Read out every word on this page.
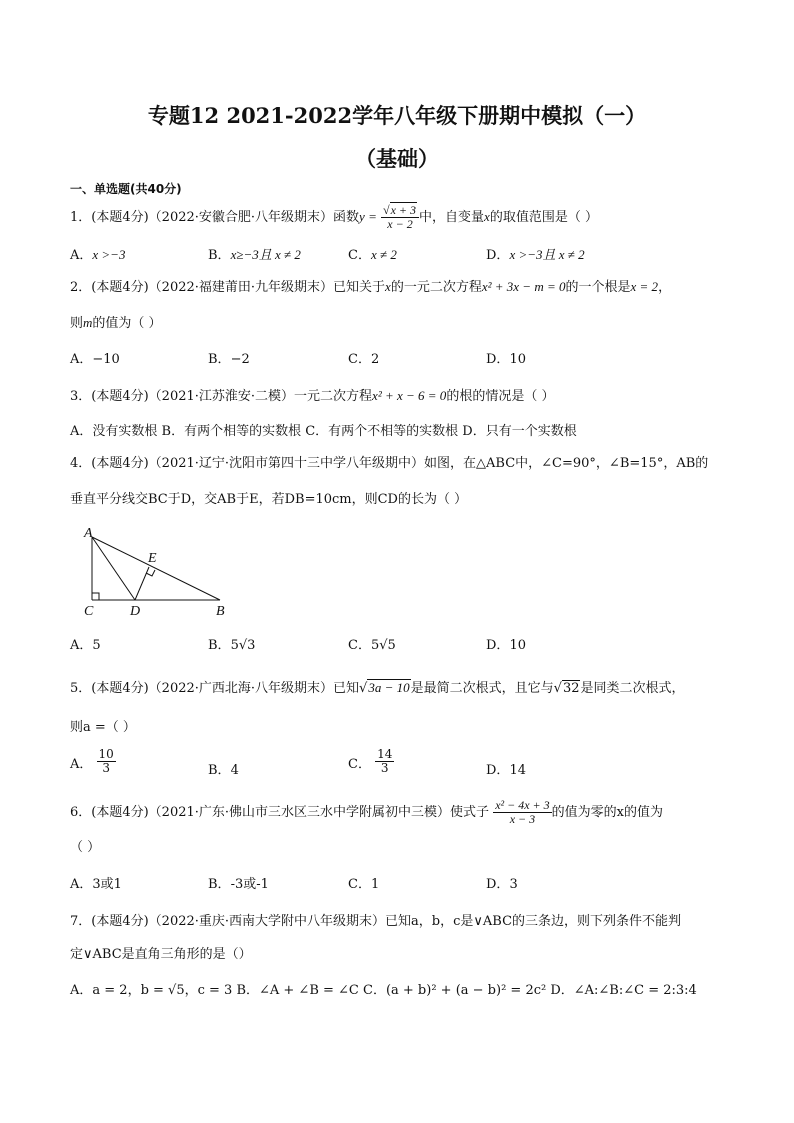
专题12 2021-2022学年八年级下册期中模拟（一）
（基础）
一、单选题(共40分)
1．(本题4分)（2022·安徽合肥·八年级期末）函数$y = \frac{√x + 3}{x - 2}$ 中，自变量x的取值范围是（ ）
A．x >−3	B．x≥−3且 x ≠ 2	C．x ≠ 2	D．x >−3且 x ≠ 2
2．(本题4分)（2022·福建莆田·九年级期末）已知关于x的一元二次方程x² + 3x − m = 0的一个根是x = 2，
则m的值为（ ）
A．−10	B．−2	C．2	D．10
3．(本题4分)（2021·江苏淮安·二模）一元二次方程x² + x − 6 = 0的根的情况是（ ）
A．没有实数根 B．有两个相等的实数根 C．有两个不相等的实数根 D．只有一个实数根
4．(本题4分)（2021·辽宁·沈阳市第四十三中学八年级期中）如图，在△ABC中，∠C=90°，∠B=15°，AB的
垂直平分线交BC于D，交AB于E，若DB=10cm，则CD的长为（ ）
A
B
C	D
E
A．5	B．5√3	C．5√5	D．10
5．(本题4分)（2022·广西北海·八年级期末）已知√3a − 10是最简二次根式，且它与√32是同类二次根式，
则a =（ ）
A． $\frac{10}{3}$	B．4	C． $\frac{14}{3}$	D．14
6．(本题4分)（2021·广东·佛山市三水区三水中学附属初中三模）使式子 $\frac{\text{x² − 4x + 3}}{x - 3}$ 的值为零的x的值为
（ ）
A．3或1	B．-3或-1	C．1	D．3
7．(本题4分)（2022·重庆·西南大学附中八年级期末）已知a，b，c是∨ABC的三条边，则下列条件不能判
定∨ABC是直角三角形的是（）
A．a = 2，b = √5，c = 3 B．∠A + ∠B = ∠C C．(a + b)² + (a − b)² = 2c² D．∠A:∠B:∠C = 2:3:4
